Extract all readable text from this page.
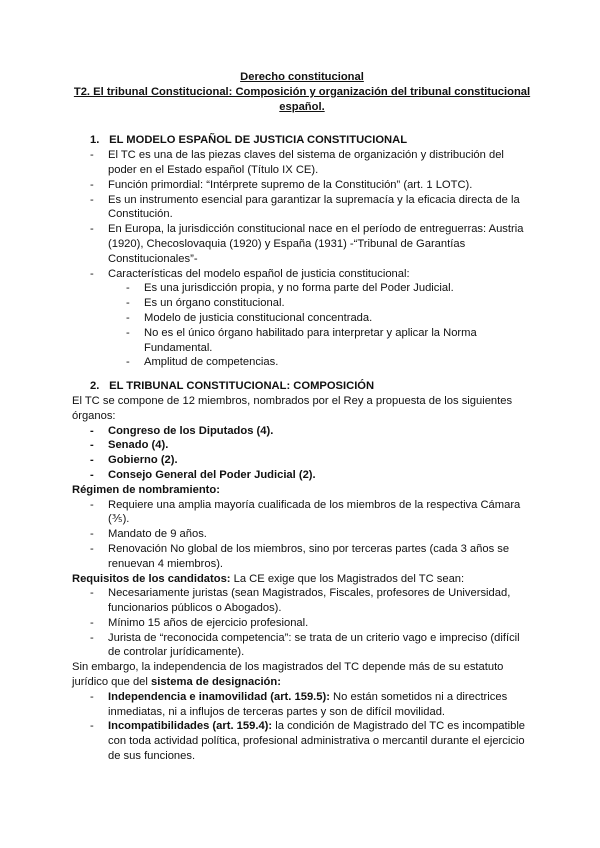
Derecho constitucional
T2. El tribunal Constitucional: Composición y organización del tribunal constitucional español.
1. EL MODELO ESPAÑOL DE JUSTICIA CONSTITUCIONAL
- El TC es una de las piezas claves del sistema de organización y distribución del poder en el Estado español (Título IX CE).
- Función primordial: “Intérprete supremo de la Constitución” (art. 1 LOTC).
- Es un instrumento esencial para garantizar la supremacía y la eficacia directa de la Constitución.
- En Europa, la jurisdicción constitucional nace en el período de entreguerras: Austria (1920), Checoslovaquia (1920) y España (1931) -“Tribunal de Garantías Constitucionales”-
- Características del modelo español de justicia constitucional:
- Es una jurisdicción propia, y no forma parte del Poder Judicial.
- Es un órgano constitucional.
- Modelo de justicia constitucional concentrada.
- No es el único órgano habilitado para interpretar y aplicar la Norma Fundamental.
- Amplitud de competencias.
2. EL TRIBUNAL CONSTITUCIONAL: COMPOSICIÓN

El TC se compone de 12 miembros, nombrados por el Rey a propuesta de los siguientes órganos:

- Congreso de los Diputados (4).
- Senado (4).
- Gobierno (2).
- Consejo General del Poder Judicial (2).

Régimen de nombramiento:

- Requiere una amplia mayoría cualificada de los miembros de la respectiva Cámara (⅗).
- Mandato de 9 años.
- Renovación No global de los miembros, sino por terceras partes (cada 3 años se renuevan 4 miembros).

Requisitos de los candidatos: La CE exige que los Magistrados del TC sean:

- Necesariamente juristas (sean Magistrados, Fiscales, profesores de Universidad, funcionarios públicos o Abogados).
- Mínimo 15 años de ejercicio profesional.
- Jurista de “reconocida competencia”: se trata de un criterio vago e impreciso (difícil de controlar jurídicamente).

Sin embargo, la independencia de los magistrados del TC depende más de su estatuto jurídico que del sistema de designación:

- Independencia e inamovilidad (art. 159.5): No están sometidos ni a directrices inmediatas, ni a influjos de terceras partes y son de difícil movilidad.
- Incompatibilidades (art. 159.4): la condición de Magistrado del TC es incompatible con toda actividad política, profesional administrativa o mercantil durante el ejercicio de sus funciones.
